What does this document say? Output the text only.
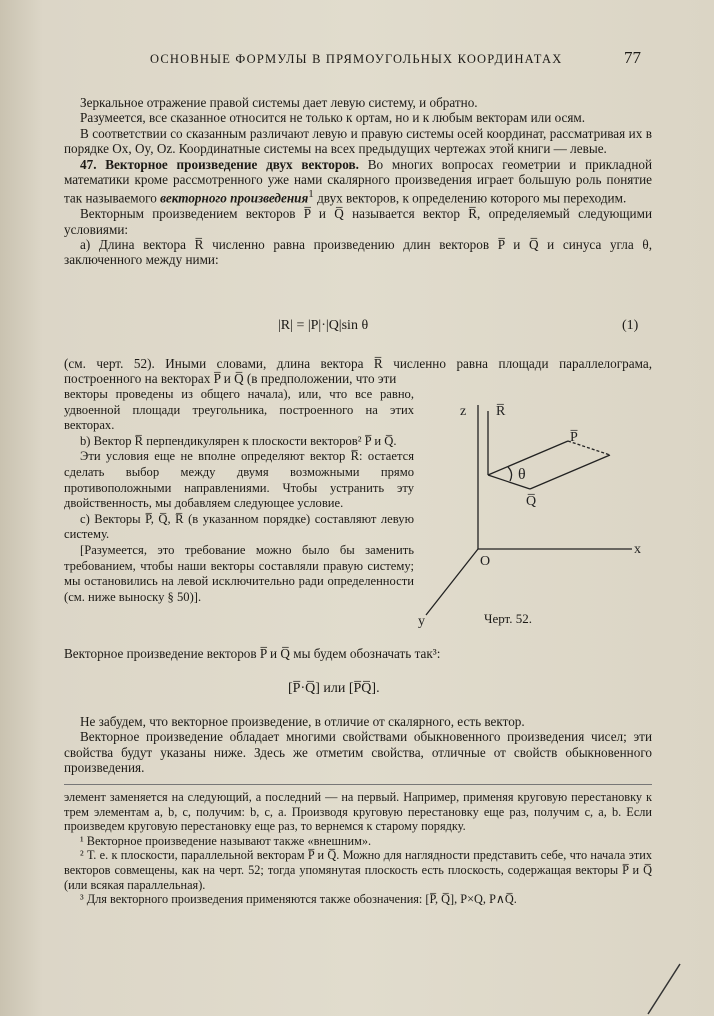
ОСНОВНЫЕ ФОРМУЛЫ В ПРЯМОУГОЛЬНЫХ КООРДИНАТАХ	77

Зеркальное отражение правой системы дает левую систему, и обратно.

Разумеется, все сказанное относится не только к ортам, но и к любым векторам или осям.

В соответствии со сказанным различают левую и правую системы осей координат, рассматривая их в порядке Ox, Oy, Oz. Координатные системы на всех предыдущих чертежах этой книги — левые.

47. Векторное произведение двух векторов. Во многих вопросах геометрии и прикладной математики кроме рассмотренного уже нами скалярного произведения играет большую роль понятие так называемого векторного произведения$^1$ двух векторов, к определению которого мы переходим.

Векторным произведением векторов P̅ и Q̅ называется вектор R̅, определяемый следующими условиями:

a) Длина вектора R̅ численно равна произведению длин векторов P̅ и Q̅ и синуса угла θ, заключенного между ними:

|R| = |P|·|Q|sin θ	(1)
(см. черт. 52). Иными словами, длина вектора R̅ численно равна площади параллелограма, построенного на векторах P̅ и Q̅ (в предположении, что эти

векторы проведены из общего начала), или, что все равно, удвоенной площади треугольника, построенного на этих векторах.

b) Вектор R̅ перпендикулярен к плоскости векторов² P̅ и Q̅.

Эти условия еще не вполне определяют вектор R̅: остается сделать выбор между двумя возможными прямо противоположными направлениями. Чтобы устранить эту двойственность, мы добавляем следующее условие.

c) Векторы P̅, Q̅, R̅ (в указанном порядке) составляют левую систему.

[Разумеется, это требование можно было бы заменить требованием, чтобы наши векторы составляли правую систему; мы остановились на левой исключительно ради определенности (см. ниже выноску § 50)].

z R̅
P̅
Q̅
θ
O
x
y	Черт. 52.

Векторное произведение векторов P̅ и Q̅ мы будем обозначать так³:

[P̅·Q̅] или [P̅Q̅].

Не забудем, что векторное произведение, в отличие от скалярного, есть вектор.

Векторное произведение обладает многими свойствами обыкновенного произведения чисел; эти свойства будут указаны ниже. Здесь же отметим свойства, отличные от свойств обыкновенного произведения.

элемент заменяется на следующий, а последний — на первый. Например, применяя круговую перестановку к трем элементам a, b, c, получим: b, c, a. Производя круговую перестановку еще раз, получим c, a, b. Если произведем круговую перестановку еще раз, то вернемся к старому порядку.

¹ Векторное произведение называют также «внешним».

² Т. е. к плоскости, параллельной векторам P̅ и Q̅. Можно для наглядности представить себе, что начала этих векторов совмещены, как на черт. 52; тогда упомянутая плоскость есть плоскость, содержащая векторы P̅ и Q̅ (или всякая параллельная).

³ Для векторного произведения применяются также обозначения: [P̅, Q̅], P×Q, P∧Q̅.
